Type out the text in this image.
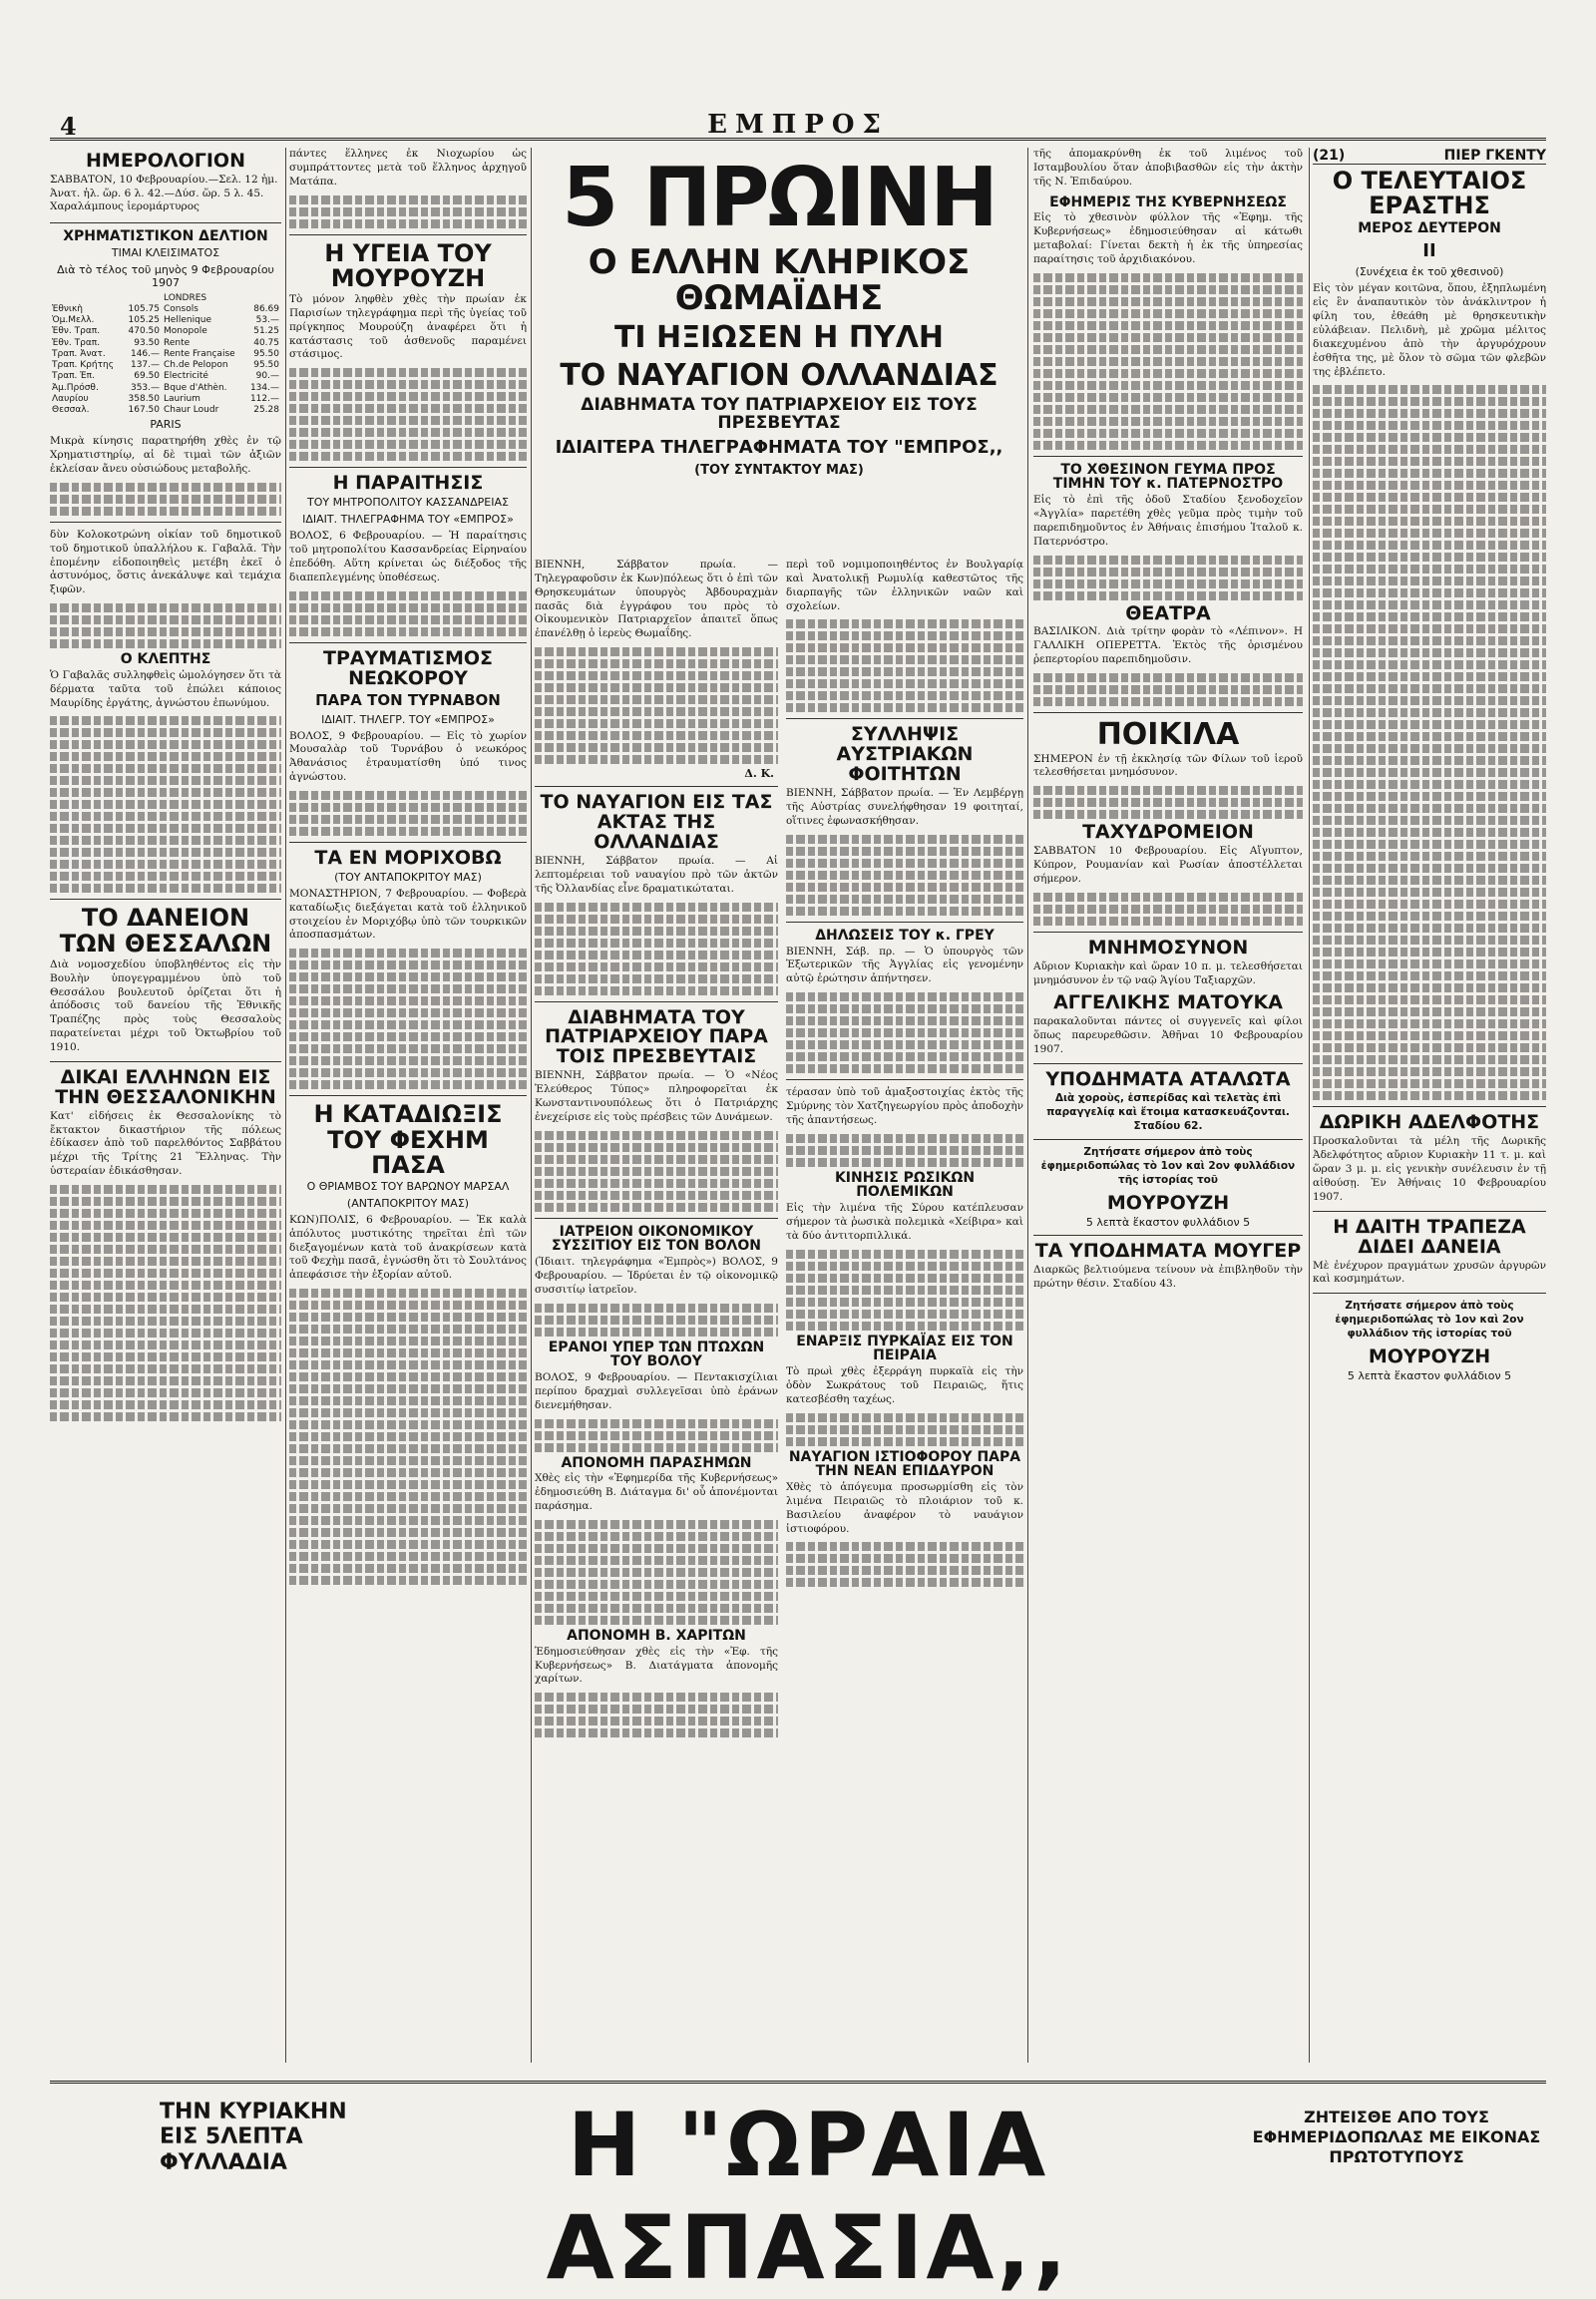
4	ΕΜΠΡΟΣ
ΗΜΕΡΟΛΟΓΙΟΝ
ΣΑΒΒΑΤΟΝ, 10 Φεβρουαρίου.—Σελ. 12 ἡμ. Ἀνατ. ἡλ. ὥρ. 6 λ. 42.—Δύσ. ὥρ. 5 λ. 45. Χαραλάμπους ἱερομάρτυρος
ΧΡΗΜΑΤΙΣΤΙΚΟΝ ΔΕΛΤΙΟΝ
ΤΙΜΑΙ ΚΛΕΙΣΙΜΑΤΟΣ
Διὰ τὸ τέλος τοῦ μηνὸς 9 Φεβρουαρίου 1907
		LONDRES	
Ἐθνικὴ	105.75	Consols	86.69
Ὁμ.Μελλ.	105.25	Hellenique	53.—
Ἐθν. Τραπ.	470.50	Monopole	51.25
Ἐθν. Τραπ.	93.50	Rente	40.75
Τραπ. Ἀνατ.	146.—	Rente Française	95.50
Τραπ. Κρήτης	137.—	Ch.de Pelopon	95.50
Τραπ. Ἐπ.	69.50	Electricité	90.—
Ἀμ.Πρόσθ.	353.—	Bque d'Athèn.	134.—
Λαυρίου	358.50	Laurium	112.—
Θεσσαλ.	167.50	Chaur Loudr	25.28
PARIS
Μικρὰ κίνησις παρατηρήθη χθὲς ἐν τῷ Χρηματιστηρίῳ, αἱ δὲ τιμαὶ τῶν ἀξιῶν ἐκλείσαν ἄνευ οὐσιώδους μεταβολῆς.
δὺν Κολοκοτρώνη οἰκίαν τοῦ δημοτικοῦ τοῦ δημοτικοῦ ὑπαλλήλου κ. Γαβαλᾶ. Τὴν ἐπομένην εἰδοποιηθεὶς μετέβη ἐκεῖ ὁ ἀστυνόμος, ὅστις ἀνεκάλυψε καὶ τεμάχια ξιφῶν.
Ο ΚΛΕΠΤΗΣ
Ὁ Γαβαλᾶς συλληφθεὶς ὡμολόγησεν ὅτι τὰ δέρματα ταῦτα τοῦ ἐπώλει κάποιος Μαυρίδης ἐργάτης, ἀγνώστου ἐπωνύμου.
ΤΟ ΔΑΝΕΙΟΝ ΤΩΝ ΘΕΣΣΑΛΩΝ
Διὰ νομοσχεδίου ὑποβληθέντος εἰς τὴν Βουλὴν ὑπογεγραμμένου ὑπὸ τοῦ Θεσσάλου βουλευτοῦ ὁρίζεται ὅτι ἡ ἀπόδοσις τοῦ δανείου τῆς Ἐθνικῆς Τραπέζης πρὸς τοὺς Θεσσαλοὺς παρατείνεται μέχρι τοῦ Ὀκτωβρίου τοῦ 1910.
ΔΙΚΑΙ ΕΛΛΗΝΩΝ ΕΙΣ ΤΗΝ ΘΕΣΣΑΛΟΝΙΚΗΝ
Κατ' εἰδήσεις ἐκ Θεσσαλονίκης τὸ ἔκτακτον δικαστήριον τῆς πόλεως ἐδίκασεν ἀπὸ τοῦ παρελθόντος Σαββάτου μέχρι τῆς Τρίτης 21 Ἕλληνας. Τὴν ὑστεραίαν ἐδικάσθησαν.
πάντες ἕλληνες ἐκ Νιοχωρίου ὡς συμπράττοντες μετὰ τοῦ ἕλληνος ἀρχηγοῦ Ματάπα.
Η ΥΓΕΙΑ ΤΟΥ ΜΟΥΡΟΥΖΗ
Τὸ μόνον ληφθὲν χθὲς τὴν πρωίαν ἐκ Παρισίων τηλεγράφημα περὶ τῆς ὑγείας τοῦ πρίγκηπος Μουρούζη ἀναφέρει ὅτι ἡ κατάστασις τοῦ ἀσθενοῦς παραμένει στάσιμος.
Η ΠΑΡΑΙΤΗΣΙΣ
ΤΟΥ ΜΗΤΡΟΠΟΛΙΤΟΥ ΚΑΣΣΑΝΔΡΕΙΑΣ
ΙΔΙΑΙΤ. ΤΗΛΕΓΡΑΦΗΜΑ ΤΟΥ «ΕΜΠΡΟΣ»
ΒΟΛΟΣ, 6 Φεβρουαρίου. — Ἡ παραίτησις τοῦ μητροπολίτου Κασσανδρείας Εἰρηναίου ἐπεδόθη. Αὕτη κρίνεται ὡς διέξοδος τῆς διαπεπλεγμένης ὑποθέσεως.
ΤΡΑΥΜΑΤΙΣΜΟΣ ΝΕΩΚΟΡΟΥ
ΠΑΡΑ ΤΟΝ ΤΥΡΝΑΒΟΝ
ΙΔΙΑΙΤ. ΤΗΛΕΓΡ. ΤΟΥ «ΕΜΠΡΟΣ»
ΒΟΛΟΣ, 9 Φεβρουαρίου. — Εἰς τὸ χωρίον Μουσαλὰρ τοῦ Τυρνάβου ὁ νεωκόρος Ἀθανάσιος ἐτραυματίσθη ὑπό τινος ἀγνώστου.
ΤΑ ΕΝ ΜΟΡΙΧΟΒΩ
(ΤΟΥ ΑΝΤΑΠΟΚΡΙΤΟΥ ΜΑΣ)
ΜΟΝΑΣΤΗΡΙΟΝ, 7 Φεβρουαρίου. — Φοβερὰ καταδίωξις διεξάγεται κατὰ τοῦ ἑλληνικοῦ στοιχείου ἐν Μοριχόβῳ ὑπὸ τῶν τουρκικῶν ἀποσπασμάτων.
Η ΚΑΤΑΔΙΩΞΙΣ ΤΟΥ ΦΕΧΗΜ ΠΑΣΑ
Ο ΘΡΙΑΜΒΟΣ ΤΟΥ ΒΑΡΩΝΟΥ ΜΑΡΣΑΛ
(ΑΝΤΑΠΟΚΡΙΤΟΥ ΜΑΣ)
ΚΩΝ)ΠΟΛΙΣ, 6 Φεβρουαρίου. — Ἐκ καλὰ ἀπόλυτος μυστικότης τηρεῖται ἐπὶ τῶν διεξαγομένων κατὰ τοῦ ἀνακρίσεων κατὰ τοῦ Φεχὴμ πασᾶ, ἐγνώσθη ὅτι τὸ Σουλτάνος ἀπεφάσισε τὴν ἐξορίαν αὐτοῦ.
5 ΠΡΩΙΝΗ
Ο ΕΛΛΗΝ ΚΛΗΡΙΚΟΣ ΘΩΜΑΪΔΗΣ
ΤΙ ΗΞΙΩΣΕΝ Η ΠΥΛΗ
ΤΟ ΝΑΥΑΓΙΟΝ ΟΛΛΑΝΔΙΑΣ
ΔΙΑΒΗΜΑΤΑ ΤΟΥ ΠΑΤΡΙΑΡΧΕΙΟΥ ΕΙΣ ΤΟΥΣ ΠΡΕΣΒΕΥΤΑΣ
ΙΔΙΑΙΤΕΡΑ ΤΗΛΕΓΡΑΦΗΜΑΤΑ ΤΟΥ "ΕΜΠΡΟΣ,,
(ΤΟΥ ΣΥΝΤΑΚΤΟΥ ΜΑΣ)
ΒΙΕΝΝΗ, Σάββατον πρωία. — Τηλεγραφοῦσιν ἐκ Κων)πόλεως ὅτι ὁ ἐπὶ τῶν Θρησκευμάτων ὑπουργὸς Ἀβδουραχμὰν πασᾶς διὰ ἐγγράφου του πρὸς τὸ Οἰκουμενικὸν Πατριαρχεῖον ἀπαιτεῖ ὅπως ἐπανέλθῃ ὁ ἱερεὺς Θωμαΐδης.
Δ. Κ.
ΤΟ ΝΑΥΑΓΙΟΝ ΕΙΣ ΤΑΣ ΑΚΤΑΣ ΤΗΣ ΟΛΛΑΝΔΙΑΣ
ΒΙΕΝΝΗ, Σάββατον πρωία. — Αἱ λεπτομέρειαι τοῦ ναυαγίου πρὸ τῶν ἀκτῶν τῆς Ὀλλανδίας εἶνε δραματικώταται.
ΔΙΑΒΗΜΑΤΑ ΤΟΥ ΠΑΤΡΙΑΡΧΕΙΟΥ ΠΑΡΑ ΤΟΙΣ ΠΡΕΣΒΕΥΤΑΙΣ
ΒΙΕΝΝΗ, Σάββατον πρωία. — Ὁ «Νέος Ἐλεύθερος Τύπος» πληροφορεῖται ἐκ Κωνσταντινουπόλεως ὅτι ὁ Πατριάρχης ἐνεχείρισε εἰς τοὺς πρέσβεις τῶν Δυνάμεων.
ΙΑΤΡΕΙΟΝ ΟΙΚΟΝΟΜΙΚΟΥ ΣΥΣΣΙΤΙΟΥ ΕΙΣ ΤΟΝ ΒΟΛΟΝ
(Ἰδιαιτ. τηλεγράφημα «Ἐμπρὸς») ΒΟΛΟΣ, 9 Φεβρουαρίου. — Ἱδρύεται ἐν τῷ οἰκονομικῷ συσσιτίῳ ἰατρεῖον.
ΕΡΑΝΟΙ ΥΠΕΡ ΤΩΝ ΠΤΩΧΩΝ ΤΟΥ ΒΟΛΟΥ
ΒΟΛΟΣ, 9 Φεβρουαρίου. — Πεντακισχίλιαι περίπου δραχμαὶ συλλεγεῖσαι ὑπὸ ἐράνων διενεμήθησαν.
ΑΠΟΝΟΜΗ ΠΑΡΑΣΗΜΩΝ
Χθὲς εἰς τὴν «Ἐφημερίδα τῆς Κυβερνήσεως» ἐδημοσιεύθη Β. Διάταγμα δι' οὗ ἀπονέμονται παράσημα.
ΑΠΟΝΟΜΗ Β. ΧΑΡΙΤΩΝ
Ἐδημοσιεύθησαν χθὲς εἰς τὴν «Ἐφ. τῆς Κυβερνήσεως» Β. Διατάγματα ἀπονομῆς χαρίτων.
περὶ τοῦ νομιμοποιηθέντος ἐν Βουλγαρίᾳ καὶ Ἀνατολικῇ Ρωμυλίᾳ καθεστῶτος τῆς διαρπαγῆς τῶν ἑλληνικῶν ναῶν καὶ σχολείων.
ΣΥΛΛΗΨΙΣ ΑΥΣΤΡΙΑΚΩΝ ΦΟΙΤΗΤΩΝ
ΒΙΕΝΝΗ, Σάββατον πρωία. — Ἐν Λεμβέργῃ τῆς Αὐστρίας συνελήφθησαν 19 φοιτηταί, οἵτινες ἐφωνασκήθησαν.
ΔΗΛΩΣΕΙΣ ΤΟΥ κ. ΓΡΕΥ
ΒΙΕΝΝΗ, Σάβ. πρ. — Ὁ ὑπουργὸς τῶν Ἐξωτερικῶν τῆς Ἀγγλίας εἰς γενομένην αὐτῷ ἐρώτησιν ἀπήντησεν.
τέρασαν ὑπὸ τοῦ ἁμαξοστοιχίας ἐκτὸς τῆς Σμύρνης τὸν Χατζηγεωργίου πρὸς ἀποδοχὴν τῆς ἀπαντήσεως.
ΚΙΝΗΣΙΣ ΡΩΣΙΚΩΝ ΠΟΛΕΜΙΚΩΝ
Εἰς τὴν λιμένα τῆς Σύρου κατέπλευσαν σήμερον τὰ ῥωσικὰ πολεμικὰ «Χείβιρα» καὶ τὰ δύο ἀντιτορπιλλικά.
ΕΝΑΡΞΙΣ ΠΥΡΚΑΪΑΣ ΕΙΣ ΤΟΝ ΠΕΙΡΑΙΑ
Τὸ πρωὶ χθὲς ἐξερράγη πυρκαϊὰ εἰς τὴν ὁδὸν Σωκράτους τοῦ Πειραιῶς, ἥτις κατεσβέσθη ταχέως.
ΝΑΥΑΓΙΟΝ ΙΣΤΙΟΦΟΡΟΥ ΠΑΡΑ ΤΗΝ ΝΕΑΝ ΕΠΙΔΑΥΡΟΝ
Χθὲς τὸ ἀπόγευμα προσωρμίσθη εἰς τὸν λιμένα Πειραιῶς τὸ πλοιάριον τοῦ κ. Βασιλείου ἀναφέρον τὸ ναυάγιον ἱστιοφόρου.
τῆς ἀπομακρύνθη ἐκ τοῦ λιμένος τοῦ Ισταμβουλίου ὅταν ἀποβιβασθῶν εἰς τὴν ἀκτὴν τῆς Ν. Ἐπιδαύρου.
ΕΦΗΜΕΡΙΣ ΤΗΣ ΚΥΒΕΡΝΗΣΕΩΣ
Εἰς τὸ χθεσινὸν φύλλον τῆς «Ἐφημ. τῆς Κυβερνήσεως» ἐδημοσιεύθησαν αἱ κάτωθι μεταβολαί: Γίνεται δεκτὴ ἡ ἐκ τῆς ὑπηρεσίας παραίτησις τοῦ ἀρχιδιακόνου.
ΤΟ ΧΘΕΣΙΝΟΝ ΓΕΥΜΑ ΠΡΟΣ ΤΙΜΗΝ ΤΟΥ κ. ΠΑΤΕΡΝΟΣΤΡΟ
Εἰς τὸ ἐπὶ τῆς ὁδοῦ Σταδίου ξενοδοχεῖον «Ἀγγλία» παρετέθη χθὲς γεῦμα πρὸς τιμὴν τοῦ παρεπιδημοῦντος ἐν Ἀθήναις ἐπισήμου Ἰταλοῦ κ. Πατερνόστρο.
ΘΕΑΤΡΑ
ΒΑΣΙΛΙΚΟΝ. Διὰ τρίτην φορὰν τὸ «Λέπινον». Η ΓΑΛΛΙΚΗ ΟΠΕΡΕΤΤΑ. Ἐκτὸς τῆς ὁρισμένου ῥεπερτορίου παρεπιδημοῦσιν.
ΠΟΙΚΙΛΑ
ΣΗΜΕΡΟΝ ἐν τῇ ἐκκλησίᾳ τῶν Φίλων τοῦ ἱεροῦ τελεσθήσεται μνημόσυνον.
ΤΑΧΥΔΡΟΜΕΙΟΝ
ΣΑΒΒΑΤΟΝ 10 Φεβρουαρίου. Εἰς Αἴγυπτον, Κύπρον, Ρουμανίαν καὶ Ρωσίαν ἀποστέλλεται σήμερον.
ΜΝΗΜΟΣΥΝΟΝ
Αὔριον Κυριακὴν καὶ ὥραν 10 π. μ. τελεσθήσεται μνημόσυνον ἐν τῷ ναῷ Ἁγίου Ταξιαρχῶν.
ΑΓΓΕΛΙΚΗΣ ΜΑΤΟΥΚΑ
παρακαλοῦνται πάντες οἱ συγγενεῖς καὶ φίλοι ὅπως παρευρεθῶσιν. Ἀθῆναι 10 Φεβρουαρίου 1907.
ΥΠΟΔΗΜΑΤΑ ΑΤΑΛΩΤΑ
Διὰ χοροὺς, ἑσπερίδας καὶ τελετὰς ἐπὶ παραγγελίᾳ καὶ ἔτοιμα κατασκευάζονται. Σταδίου 62.
Ζητήσατε σήμερον ἀπὸ τοὺς ἐφημεριδοπώλας τὸ 1ον καὶ 2ον φυλλάδιον τῆς ἱστορίας τοῦ
ΜΟΥΡΟΥΖΗ
5 λεπτὰ ἕκαστον φυλλάδιον 5
ΤΑ ΥΠΟΔΗΜΑΤΑ ΜΟΥΓΕΡ
Διαρκῶς βελτιούμενα τείνουν νὰ ἐπιβληθοῦν τὴν πρώτην θέσιν. Σταδίου 43.
(21)	ΠΙΕΡ ΓΚΕΝΤΥ
Ο ΤΕΛΕΥΤΑΙΟΣ ΕΡΑΣΤΗΣ
ΜΕΡΟΣ ΔΕΥΤΕΡΟΝ
ΙΙ
(Συνέχεια ἐκ τοῦ χθεσινοῦ)
Εἰς τὸν μέγαν κοιτῶνα, ὅπου, ἐξηπλωμένη εἰς ἓν ἀναπαυτικὸν τὸν ἀνάκλιντρον ἡ φίλη του, ἐθεάθη μὲ θρησκευτικὴν εὐλάβειαν. Πελιδνὴ, μὲ χρῶμα μέλιτος διακεχυμένου ἀπὸ τὴν ἀργυρόχρουν ἐσθῆτα της, μὲ ὅλον τὸ σῶμα τῶν φλεβῶν της ἐβλέπετο.
ΔΩΡΙΚΗ ΑΔΕΛΦΟΤΗΣ
Προσκαλοῦνται τὰ μέλη τῆς Δωρικῆς Ἀδελφότητος αὔριον Κυριακὴν 11 τ. μ. καὶ ὥραν 3 μ. μ. εἰς γενικὴν συνέλευσιν ἐν τῇ αἰθούσῃ. Ἐν Ἀθήναις 10 Φεβρουαρίου 1907.
Η ΔΑΙΤΗ ΤΡΑΠΕΖΑ ΔΙΔΕΙ ΔΑΝΕΙΑ
Μὲ ἐνέχυρον πραγμάτων χρυσῶν ἀργυρῶν καὶ κοσμημάτων.
Ζητήσατε σήμερον ἀπὸ τοὺς ἐφημεριδοπώλας τὸ 1ον καὶ 2ον φυλλάδιον τῆς ἱστορίας τοῦ
ΜΟΥΡΟΥΖΗ
5 λεπτὰ ἕκαστον φυλλάδιον 5
ΤΗΝ ΚΥΡΙΑΚΗΝ ΕΙΣ 5ΛΕΠΤΑ ΦΥΛΛΑΔΙΑ	Η "ΩΡΑΙΑ ΑΣΠΑΣΙΑ,,
ΖΗΤΕΙΣΘΕ ΑΠΟ ΤΟΥΣ ΕΦΗΜΕΡΙΔΟΠΩΛΑΣ ΜΕ ΕΙΚΟΝΑΣ ΠΡΩΤΟΤΥΠΟΥΣ
